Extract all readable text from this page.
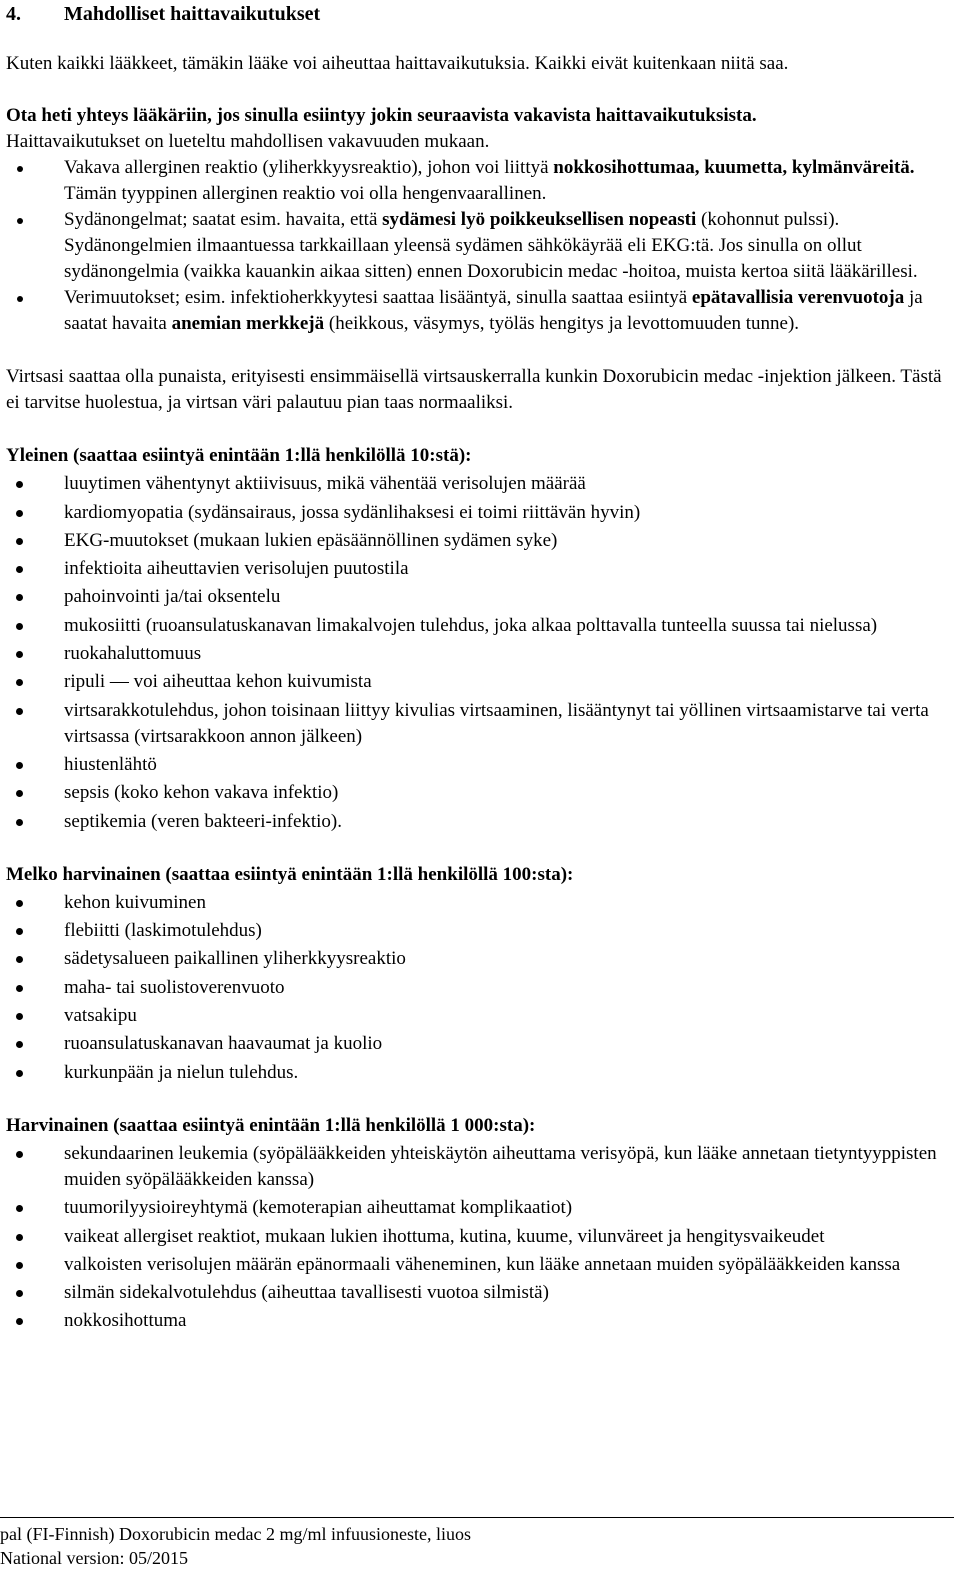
4. Mahdolliset haittavaikutukset

Kuten kaikki lääkkeet, tämäkin lääke voi aiheuttaa haittavaikutuksia. Kaikki eivät kuitenkaan niitä saa.

Ota heti yhteys lääkäriin, jos sinulla esiintyy jokin seuraavista vakavista haittavaikutuksista.

Haittavaikutukset on lueteltu mahdollisen vakavuuden mukaan.

Vakava allerginen reaktio (yliherkkyysreaktio), johon voi liittyä nokkosihottumaa, kuumetta, kylmänväreitä. Tämän tyyppinen allerginen reaktio voi olla hengenvaarallinen.
Sydänongelmat; saatat esim. havaita, että sydämesi lyö poikkeuksellisen nopeasti (kohonnut pulssi). Sydänongelmien ilmaantuessa tarkkaillaan yleensä sydämen sähkökäyrää eli EKG:tä. Jos sinulla on ollut sydänongelmia (vaikka kauankin aikaa sitten) ennen Doxorubicin medac -hoitoa, muista kertoa siitä lääkärillesi.
Verimuutokset; esim. infektioherkkyytesi saattaa lisääntyä, sinulla saattaa esiintyä epätavallisia verenvuotoja ja saatat havaita anemian merkkejä (heikkous, väsymys, työläs hengitys ja levottomuuden tunne).

Virtsasi saattaa olla punaista, erityisesti ensimmäisellä virtsauskerralla kunkin Doxorubicin medac -injektion jälkeen. Tästä ei tarvitse huolestua, ja virtsan väri palautuu pian taas normaaliksi.

Yleinen (saattaa esiintyä enintään 1:llä henkilöllä 10:stä):

luuytimen vähentynyt aktiivisuus, mikä vähentää verisolujen määrää
kardiomyopatia (sydänsairaus, jossa sydänlihaksesi ei toimi riittävän hyvin)
EKG-muutokset (mukaan lukien epäsäännöllinen sydämen syke)
infektioita aiheuttavien verisolujen puutostila
pahoinvointi ja/tai oksentelu
mukosiitti (ruoansulatuskanavan limakalvojen tulehdus, joka alkaa polttavalla tunteella suussa tai nielussa)
ruokahaluttomuus
ripuli — voi aiheuttaa kehon kuivumista
virtsarakkotulehdus, johon toisinaan liittyy kivulias virtsaaminen, lisääntynyt tai yöllinen virtsaamistarve tai verta virtsassa (virtsarakkoon annon jälkeen)
hiustenlähtö
sepsis (koko kehon vakava infektio)
septikemia (veren bakteeri-infektio).

Melko harvinainen (saattaa esiintyä enintään 1:llä henkilöllä 100:sta):

kehon kuivuminen
flebiitti (laskimotulehdus)
sädetysalueen paikallinen yliherkkyysreaktio
maha- tai suolistoverenvuoto
vatsakipu
ruoansulatuskanavan haavaumat ja kuolio
kurkunpään ja nielun tulehdus.

Harvinainen (saattaa esiintyä enintään 1:llä henkilöllä 1 000:sta):

sekundaarinen leukemia (syöpälääkkeiden yhteiskäytön aiheuttama verisyöpä, kun lääke annetaan tietyntyyppisten muiden syöpälääkkeiden kanssa)
tuumorilyysioireyhtymä (kemoterapian aiheuttamat komplikaatiot)
vaikeat allergiset reaktiot, mukaan lukien ihottuma, kutina, kuume, vilunväreet ja hengitysvaikeudet
valkoisten verisolujen määrän epänormaali väheneminen, kun lääke annetaan muiden syöpälääkkeiden kanssa
silmän sidekalvotulehdus (aiheuttaa tavallisesti vuotoa silmistä)
nokkosihottuma
pal (FI-Finnish) Doxorubicin medac 2 mg/ml infuusioneste, liuos
National version: 05/2015
